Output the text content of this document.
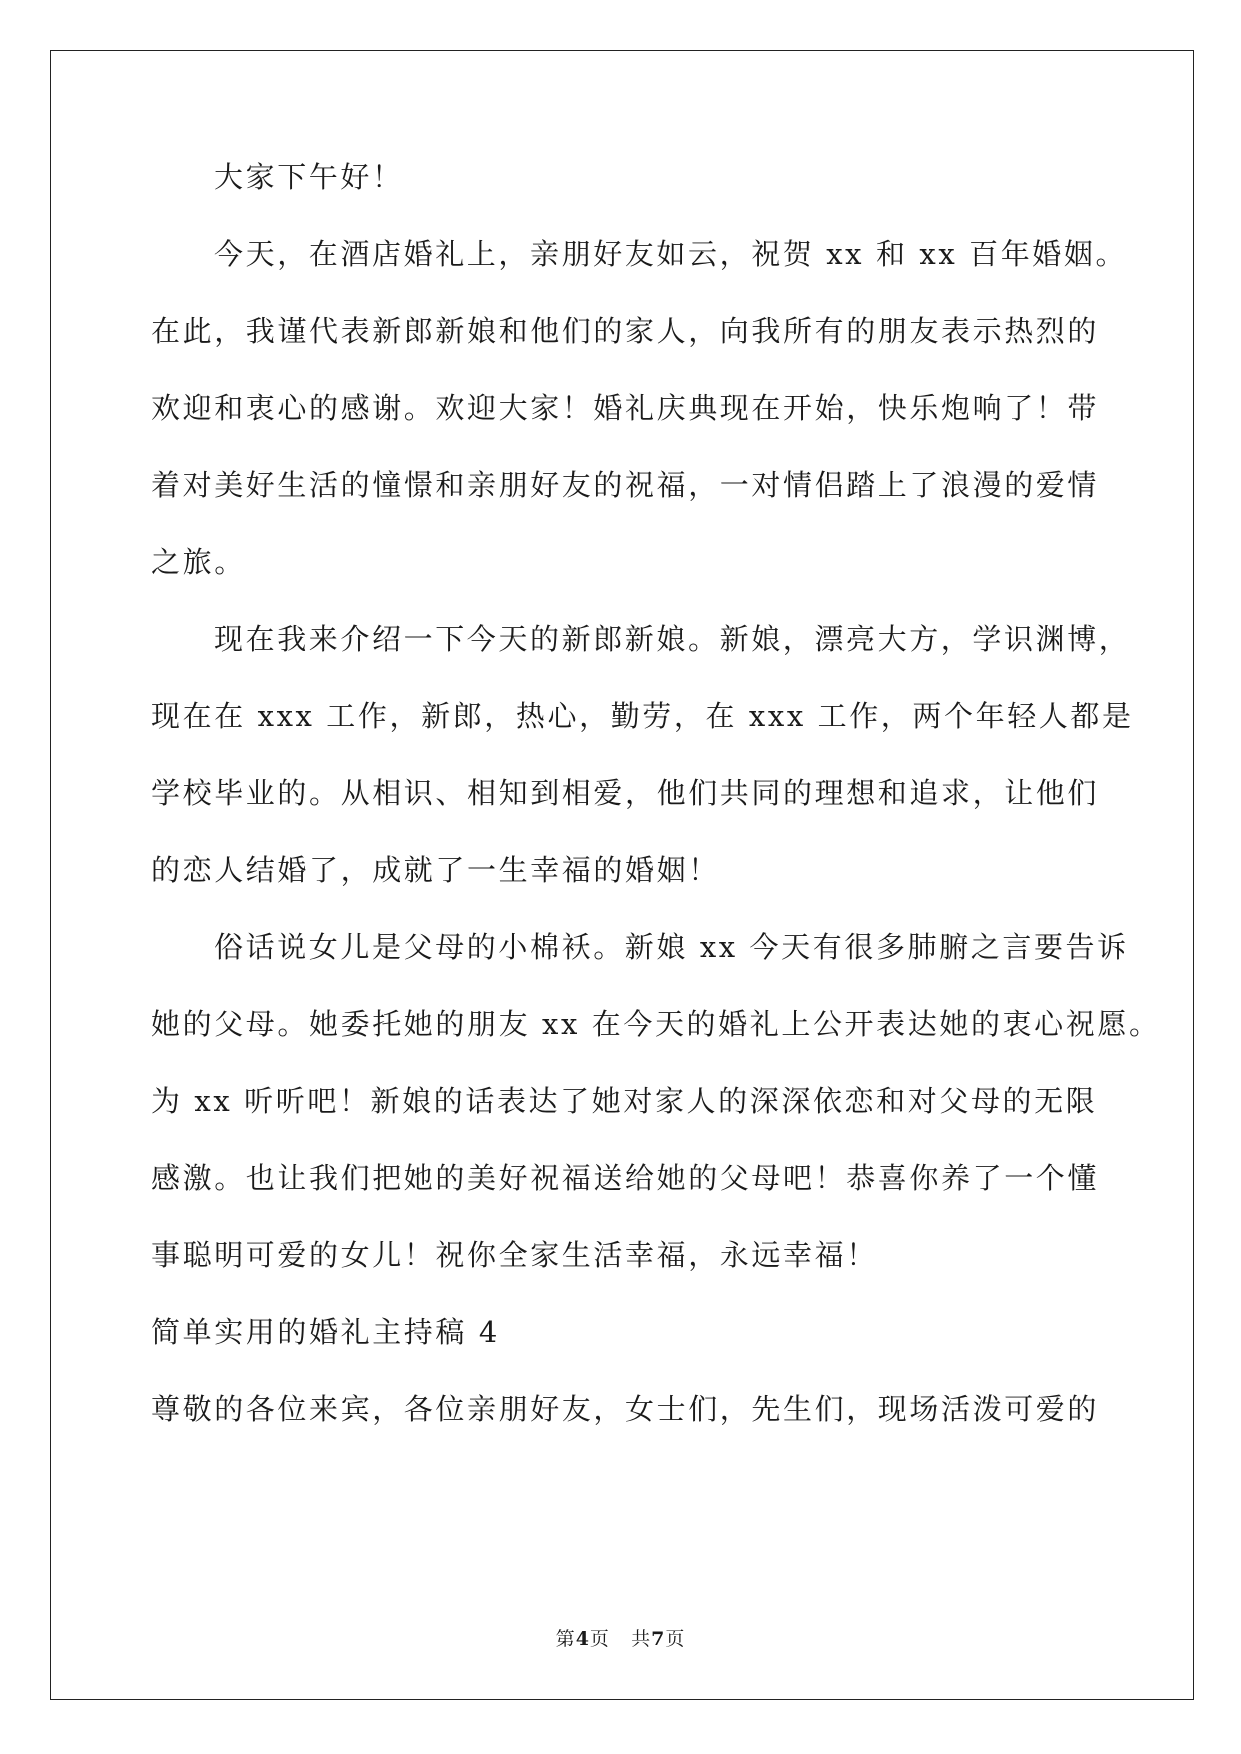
大家下午好！
今天，在酒店婚礼上，亲朋好友如云，祝贺 xx 和 xx 百年婚姻。
在此，我谨代表新郎新娘和他们的家人，向我所有的朋友表示热烈的
欢迎和衷心的感谢。欢迎大家！婚礼庆典现在开始，快乐炮响了！带
着对美好生活的憧憬和亲朋好友的祝福，一对情侣踏上了浪漫的爱情
之旅。
现在我来介绍一下今天的新郎新娘。新娘，漂亮大方，学识渊博，
现在在 xxx 工作，新郎，热心，勤劳，在 xxx 工作，两个年轻人都是
学校毕业的。从相识、相知到相爱，他们共同的理想和追求，让他们
的恋人结婚了，成就了一生幸福的婚姻！
俗话说女儿是父母的小棉袄。新娘 xx 今天有很多肺腑之言要告诉
她的父母。她委托她的朋友 xx 在今天的婚礼上公开表达她的衷心祝愿。
为 xx 听听吧！新娘的话表达了她对家人的深深依恋和对父母的无限
感激。也让我们把她的美好祝福送给她的父母吧！恭喜你养了一个懂
事聪明可爱的女儿！祝你全家生活幸福，永远幸福！
简单实用的婚礼主持稿 4
尊敬的各位来宾，各位亲朋好友，女士们，先生们，现场活泼可爱的
第4页 共7页
